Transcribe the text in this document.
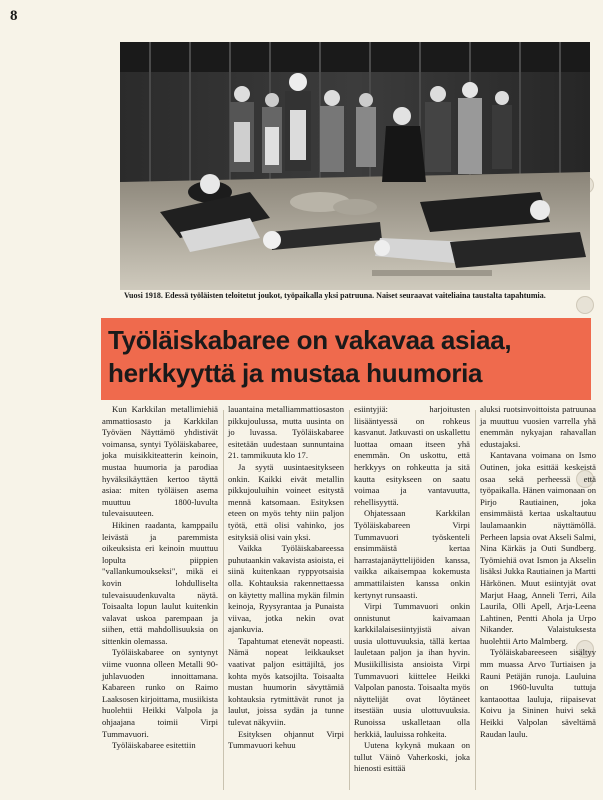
8
Vuosi 1918. Edessä työläisten teloitetut joukot, työpaikalla yksi patruuna. Naiset seuraavat vaiteliaina taustalta tapahtumia.
Työläiskabaree on vakavaa asiaa, herkkyyttä ja mustaa huumoria

Kun Karkkilan metallimiehiä ammattiosasto ja Karkkilan Työväen Näyttämö yhdistivät voimansa, syntyi Työläiskabaree, joka muisikkiteatterin keinoin, mustaa huumoria ja parodiaa hyväksikäyttäen kertoo täyttä asiaa: miten työläisen asema muuttuu 1800-luvulta tulevaisuuteen.

Hikinen raadanta, kamppailu leivästä ja paremmista oikeuksista eri keinoin muuttuu lopulta piippien "vallankumoukseksi", mikä ei kovin lohdulliselta tulevaisuudenkuvalta näytä. Toisaalta lopun laulut kuitenkin valavat uskoa parempaan ja siihen, että mahdollisuuksia on sittenkin olemassa.

Työläiskabaree on syntynyt viime vuonna olleen Metalli 90-juhlavuoden innoittamana. Kabareen runko on Raimo Laaksosen kirjoittama, musiikista huolehtii Heikki Valpola ja ohjaajana toimii Virpi Tummavuori.

Työläiskabaree esitettiin

lauantaina metalliammattiosaston pikkujoulussa, mutta uusinta on jo luvassa. Työläiskabaree esitetään uudestaan sunnuntaina 21. tammikuuta klo 17.

Ja syytä uusintaesitykseen onkin. Kaikki eivät metallin pikkujouluihin voineet esitystä mennä katsomaan. Esityksen eteen on myös tehty niin paljon työtä, että olisi vahinko, jos esityksiä olisi vain yksi.

Vaikka Työläiskabareessa puhutaankin vakavista asioista, ei siinä kuitenkaan ryppyotsaisia olla. Kohtauksia rakennettaessa on käytetty mallina mykän filmin keinoja, Ryysyrantaa ja Punaista viivaa, jotka nekin ovat ajankuvia.

Tapahtumat etenevät nopeasti. Nämä nopeat leikkaukset vaativat paljon esittäjiltä, jos kohta myös katsojilta. Toisaalta mustan huumorin sävyttämiä kohtauksia rytmittävät runot ja laulut, joissa sydän ja tunne tulevat näkyviin.

Esityksen ohjannut Virpi Tummavuori kehuu

esiintyjiä: harjoitusten liisääntyessä on rohkeus kasvanut. Jatkuvasti on uskallettu luottaa omaan itseen yhä enemmän. On uskottu, että herkkyys on rohkeutta ja sitä kautta esitykseen on saatu voimaa ja vantavuutta, rehellisyyttä.

Ohjatessaan Karkkilan Työläiskabareen Virpi Tummavuori työskenteli ensimmäistä kertaa harrastajanäyttelijöiden kanssa, vaikka aikaisempaa kokemusta ammattilaisten kanssa onkin kertynyt runsaasti.

Virpi Tummavuori onkin onnistunut kaivamaan karkkilalaisesiintyjistä aivan uusia ulottuvuuksia, tällä kertaa lauletaan paljon ja ihan hyvin. Musiikillisista ansioista Virpi Tummavuori kiittelee Heikki Valpolan panosta. Toisaalta myös näyttelijät ovat löytäneet itsestään uusia ulottuvuuksia. Runoissa uskalletaan olla herkkiä, lauluissa rohkeita.

Uutena kykynä mukaan on tullut Väinö Vaherkoski, joka hienosti esittää

aluksi ruotsinvoittoista patruunaa ja muuttuu vuosien varrella yhä enemmän nykyajan rahavallan edustajaksi.

Kantavana voimana on Ismo Outinen, joka esittää keskeistä osaa sekä perheessä että työpaikalla. Hänen vaimonaan on Pirjo Rautiainen, joka ensimmäistä kertaa uskaltautuu laulamaankin näyttämöllä. Perheen lapsia ovat Akseli Salmi, Nina Kärkäs ja Outi Sundberg. Työmiehiä ovat Ismon ja Akselin lisäksi Jukka Rautiainen ja Martti Härkönen. Muut esiintyjät ovat Marjut Haag, Anneli Terri, Aila Laurila, Olli Apell, Arja-Leena Lahtinen, Pentti Ahola ja Urpo Nikander. Valaistuksesta huolehtii Arto Malmberg.

Työläiskabareeseen sisältyy mm muassa Arvo Turtiaisen ja Rauni Petäjän runoja. Lauluina on 1960-luvulta tuttuja kantaoottaa lauluja, riipaisevat Koivu ja Sininen huivi sekä Heikki Valpolan säveltämä Raudan laulu.
